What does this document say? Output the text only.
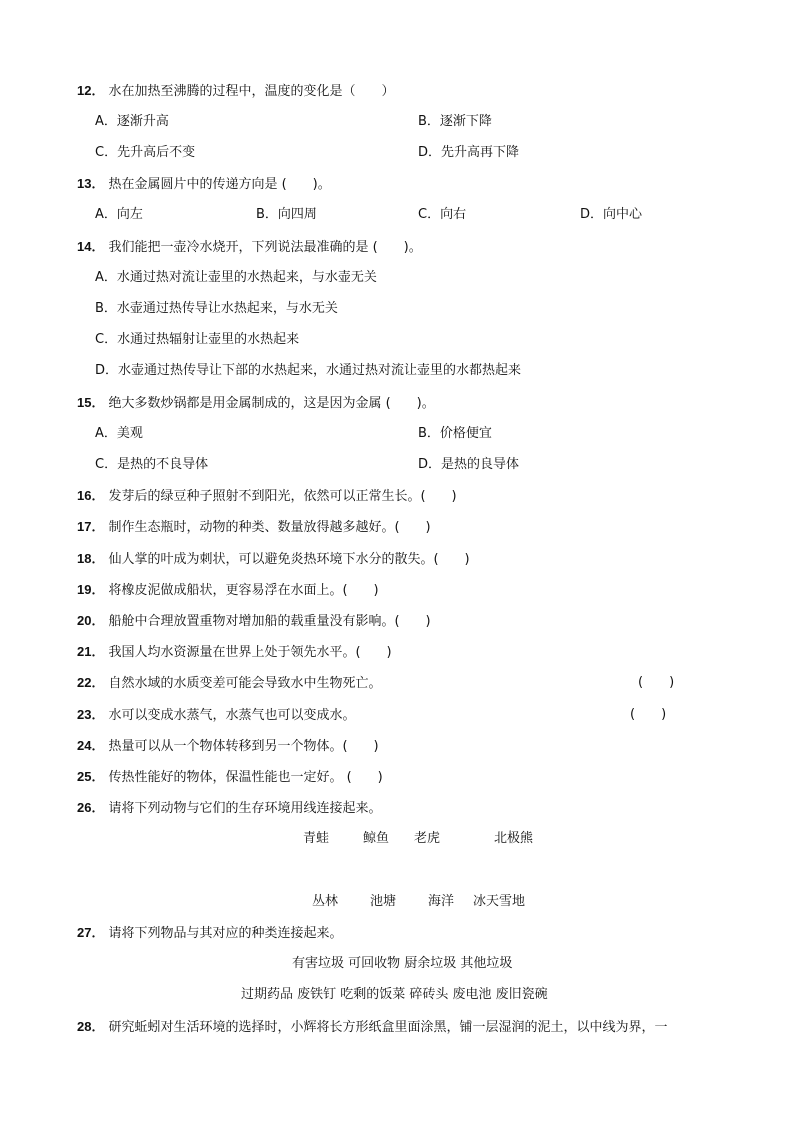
12． 水在加热至沸腾的过程中，温度的变化是（　　）
A．逐渐升高	B．逐渐下降
C．先升高后不变	D．先升高再下降
13． 热在金属圆片中的传递方向是 (　　)。
A．向左	B．向四周	C．向右	D．向中心
14． 我们能把一壶冷水烧开，下列说法最准确的是 (　　)。
A．水通过热对流让壶里的水热起来，与水壶无关
B．水壶通过热传导让水热起来，与水无关
C．水通过热辐射让壶里的水热起来
D．水壶通过热传导让下部的水热起来，水通过热对流让壶里的水都热起来
15． 绝大多数炒锅都是用金属制成的，这是因为金属 (　　)。
A．美观	B．价格便宜
C．是热的不良导体	D．是热的良导体
16． 发芽后的绿豆种子照射不到阳光，依然可以正常生长。(　　)
17． 制作生态瓶时，动物的种类、数量放得越多越好。(　　)
18． 仙人掌的叶成为刺状，可以避免炎热环境下水分的散失。(　　)
19． 将橡皮泥做成船状，更容易浮在水面上。(　　)
20． 船舱中合理放置重物对增加船的载重量没有影响。(　　)
21． 我国人均水资源量在世界上处于领先水平。(　　)
22． 自然水域的水质变差可能会导致水中生物死亡。	(　　)
23． 水可以变成水蒸气，水蒸气也可以变成水。	(　　)
24． 热量可以从一个物体转移到另一个物体。(　　)
25． 传热性能好的物体，保温性能也一定好。 (　　)
26． 请将下列动物与它们的生存环境用线连接起来。
青蛙	鲸鱼 老虎	北极熊
丛林 池塘 海洋 冰天雪地
27． 请将下列物品与其对应的种类连接起来。
有害垃圾 可回收物 厨余垃圾 其他垃圾
过期药品 废铁钉 吃剩的饭菜 碎砖头 废电池 废旧瓷碗
28． 研究蚯蚓对生活环境的选择时，小辉将长方形纸盒里面涂黑，铺一层湿润的泥土，以中线为界，一
